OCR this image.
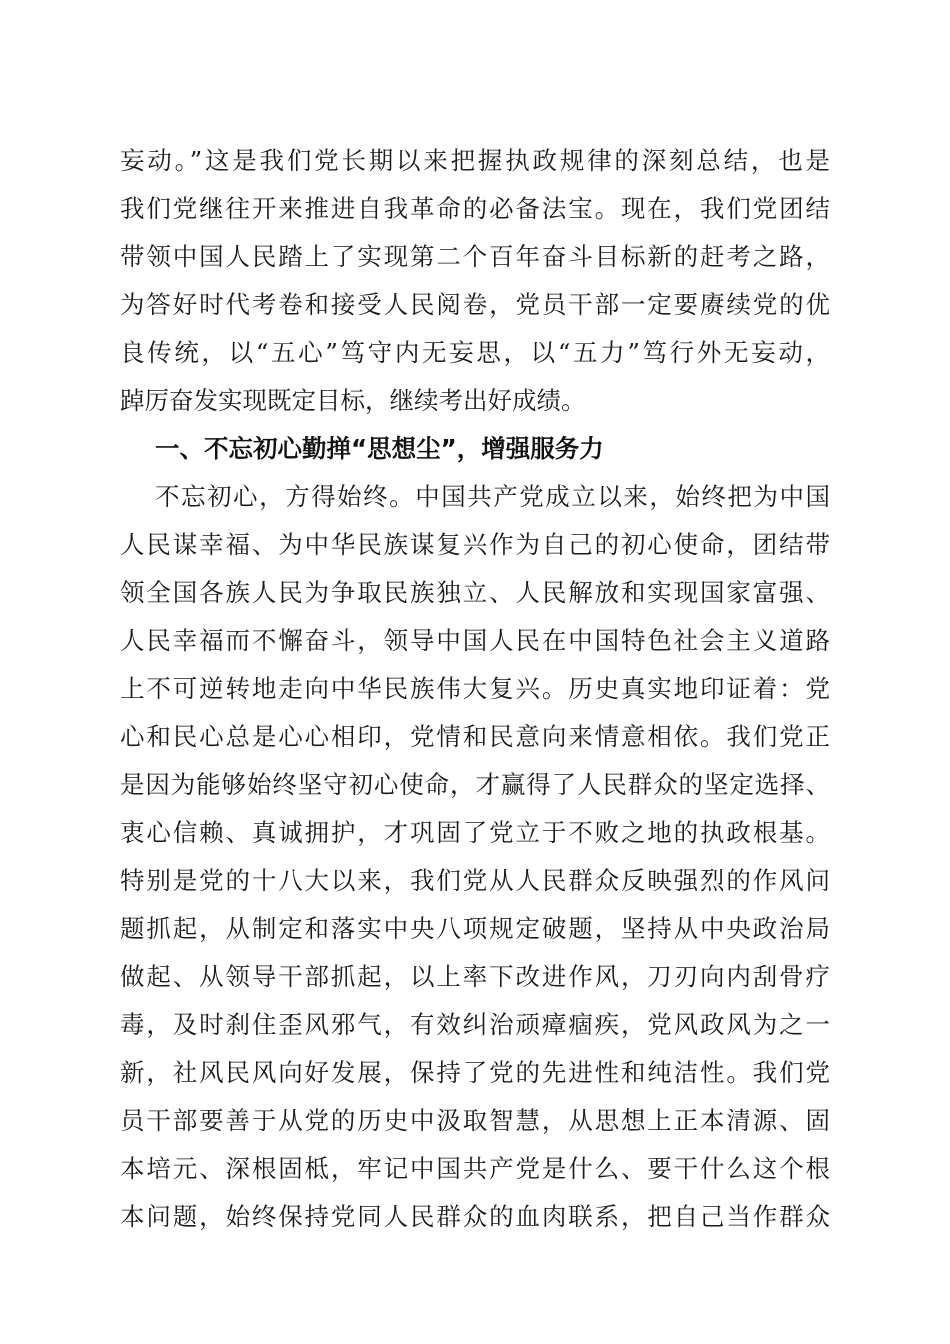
妄动。”这是我们党长期以来把握执政规律的深刻总结，也是
我们党继往开来推进自我革命的必备法宝。现在，我们党团结
带领中国人民踏上了实现第二个百年奋斗目标新的赶考之路，
为答好时代考卷和接受人民阅卷，党员干部一定要赓续党的优
良传统，以“五心”笃守内无妄思，以“五力”笃行外无妄动，
踔厉奋发实现既定目标，继续考出好成绩。
一、不忘初心勤掸“思想尘”，增强服务力
不忘初心，方得始终。中国共产党成立以来，始终把为中国
人民谋幸福、为中华民族谋复兴作为自己的初心使命，团结带
领全国各族人民为争取民族独立、人民解放和实现国家富强、
人民幸福而不懈奋斗，领导中国人民在中国特色社会主义道路
上不可逆转地走向中华民族伟大复兴。历史真实地印证着：党
心和民心总是心心相印，党情和民意向来情意相依。我们党正
是因为能够始终坚守初心使命，才赢得了人民群众的坚定选择、
衷心信赖、真诚拥护，才巩固了党立于不败之地的执政根基。
特别是党的十八大以来，我们党从人民群众反映强烈的作风问
题抓起，从制定和落实中央八项规定破题，坚持从中央政治局
做起、从领导干部抓起，以上率下改进作风，刀刃向内刮骨疗
毒，及时刹住歪风邪气，有效纠治顽瘴痼疾，党风政风为之一
新，社风民风向好发展，保持了党的先进性和纯洁性。我们党
员干部要善于从党的历史中汲取智慧，从思想上正本清源、固
本培元、深根固柢，牢记中国共产党是什么、要干什么这个根
本问题，始终保持党同人民群众的血肉联系，把自己当作群众
